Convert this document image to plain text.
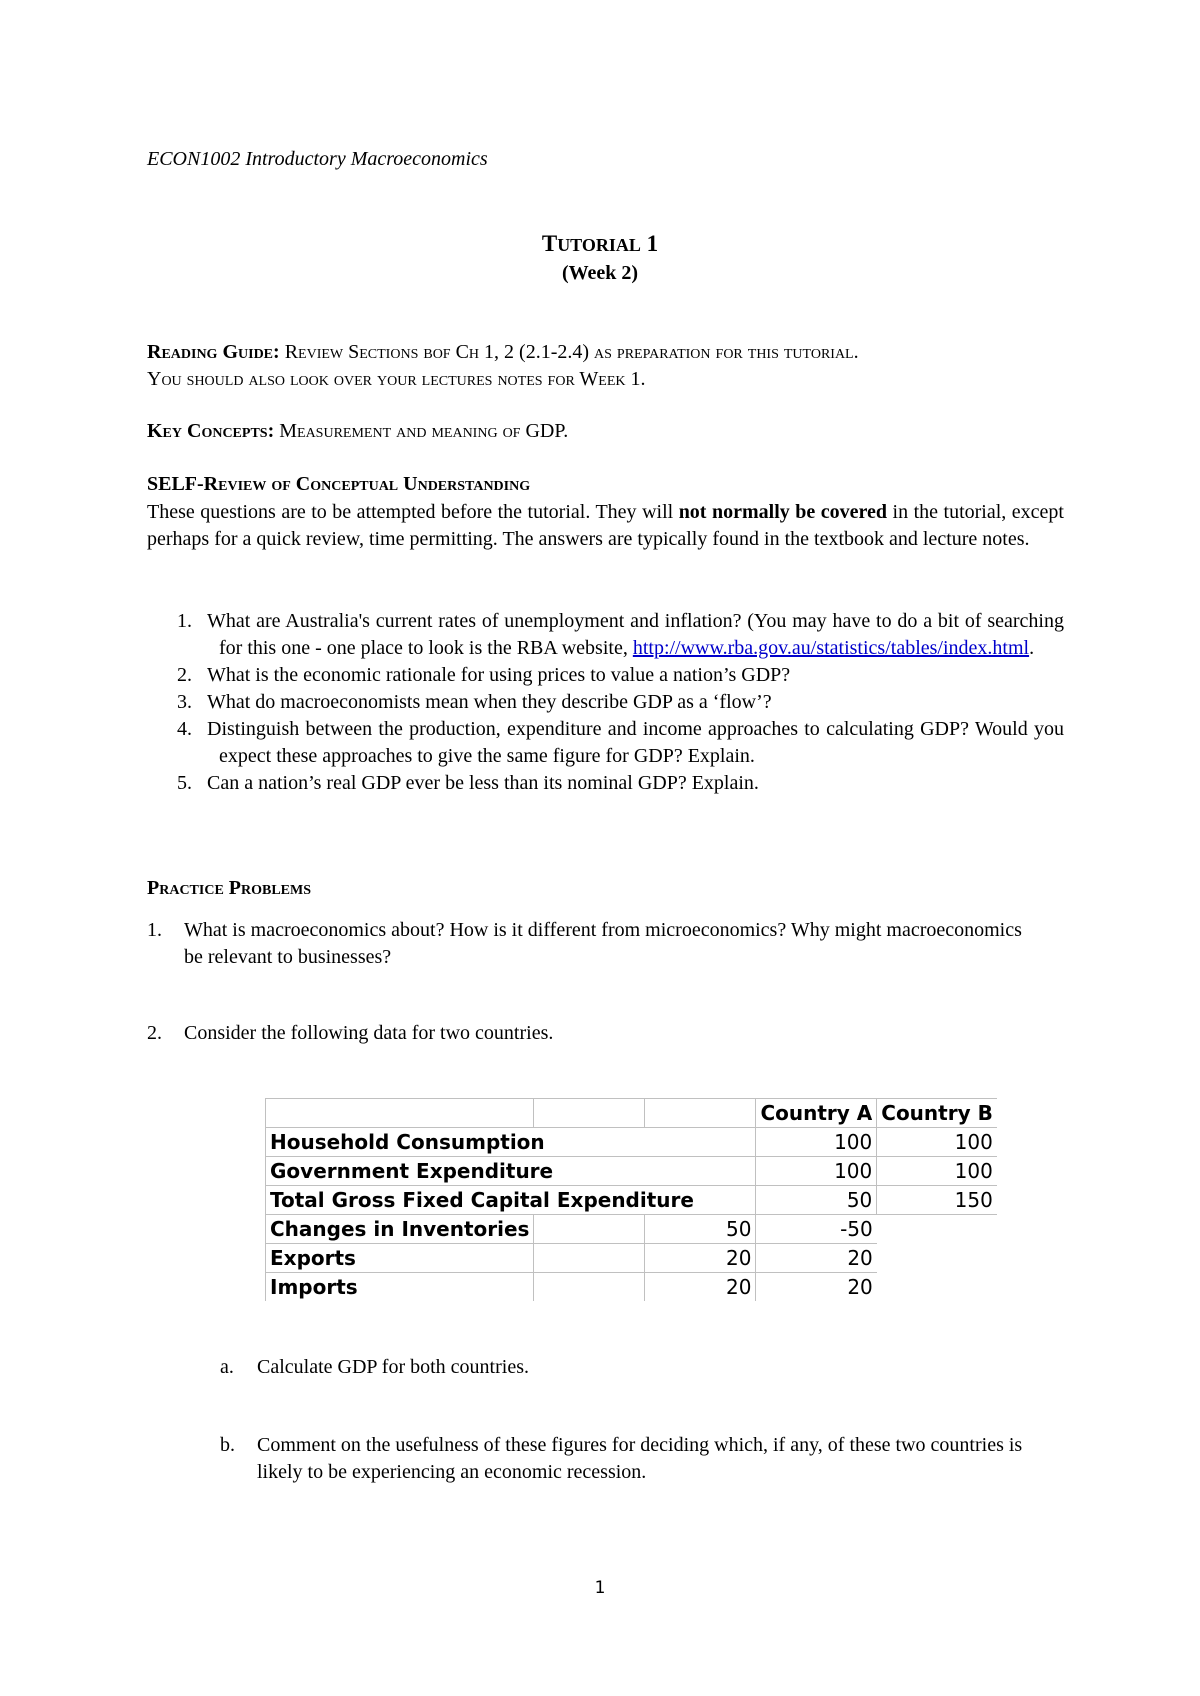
ECON1002 Introductory Macroeconomics
TUTORIAL 1
(Week 2)
Reading Guide: Review Sections bof Ch 1, 2 (2.1-2.4) as preparation for this tutorial.
You should also look over your lectures notes for Week 1.
Key Concepts: Measurement and meaning of GDP.
SELF-Review of Conceptual Understanding
These questions are to be attempted before the tutorial. They will not normally be covered in the tutorial, except perhaps for a quick review, time permitting. The answers are typically found in the textbook and lecture notes.
1. What are Australia's current rates of unemployment and inflation? (You may have to do a bit of searching for this one - one place to look is the RBA website, http://www.rba.gov.au/statistics/tables/index.html.
2. What is the economic rationale for using prices to value a nation’s GDP?
3. What do macroeconomists mean when they describe GDP as a ‘flow’?
4. Distinguish between the production, expenditure and income approaches to calculating GDP? Would you expect these approaches to give the same figure for GDP? Explain.
5. Can a nation’s real GDP ever be less than its nominal GDP? Explain.
Practice Problems
1. What is macroeconomics about? How is it different from microeconomics? Why might macroeconomics be relevant to businesses?
2. Consider the following data for two countries.
			Country A	Country B
Household Consumption			100	100
Government Expenditure			100	100
Total Gross Fixed Capital Expenditure			50	150
Changes in Inventories		50	-50	
Exports		20	20	
Imports		20	20	
a. Calculate GDP for both countries.
b. Comment on the usefulness of these figures for deciding which, if any, of these two countries is likely to be experiencing an economic recession.
1
